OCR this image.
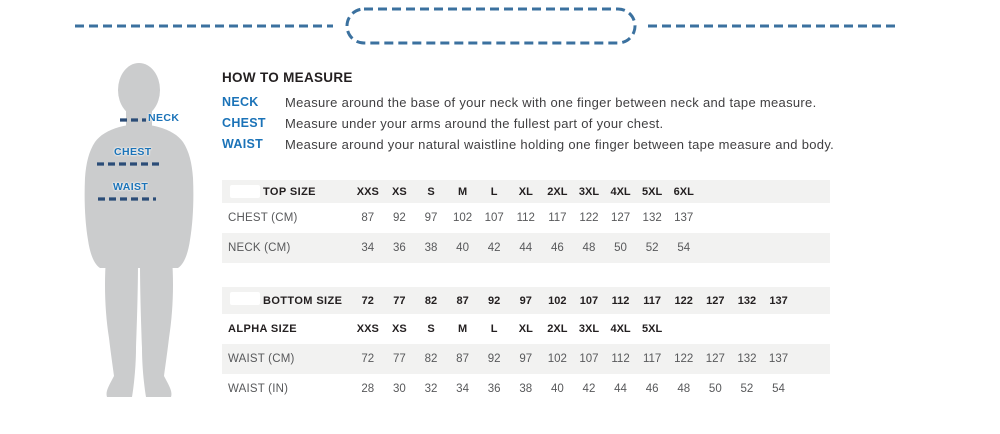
NECK
CHEST
WAIST
HOW TO MEASURE
NECK	Measure around the base of your neck with one finger between neck and tape measure.
CHEST	Measure under your arms around the fullest part of your chest.
WAIST	Measure around your natural waistline holding one finger between tape measure and body.
TOP SIZE	XXS	XS	S	M	L	XL	2XL	3XL	4XL	5XL	6XL
CHEST (CM)	87	92	97	102	107	112	117	122	127	132	137
NECK (CM)	34	36	38	40	42	44	46	48	50	52	54
BOTTOM SIZE	72	77	82	87	92	97	102	107	112	117	122	127	132	137
ALPHA SIZE	XXS	XS	S	M	L	XL	2XL	3XL	4XL	5XL
WAIST (CM)	72	77	82	87	92	97	102	107	112	117	122	127	132	137
WAIST (IN)	28	30	32	34	36	38	40	42	44	46	48	50	52	54
